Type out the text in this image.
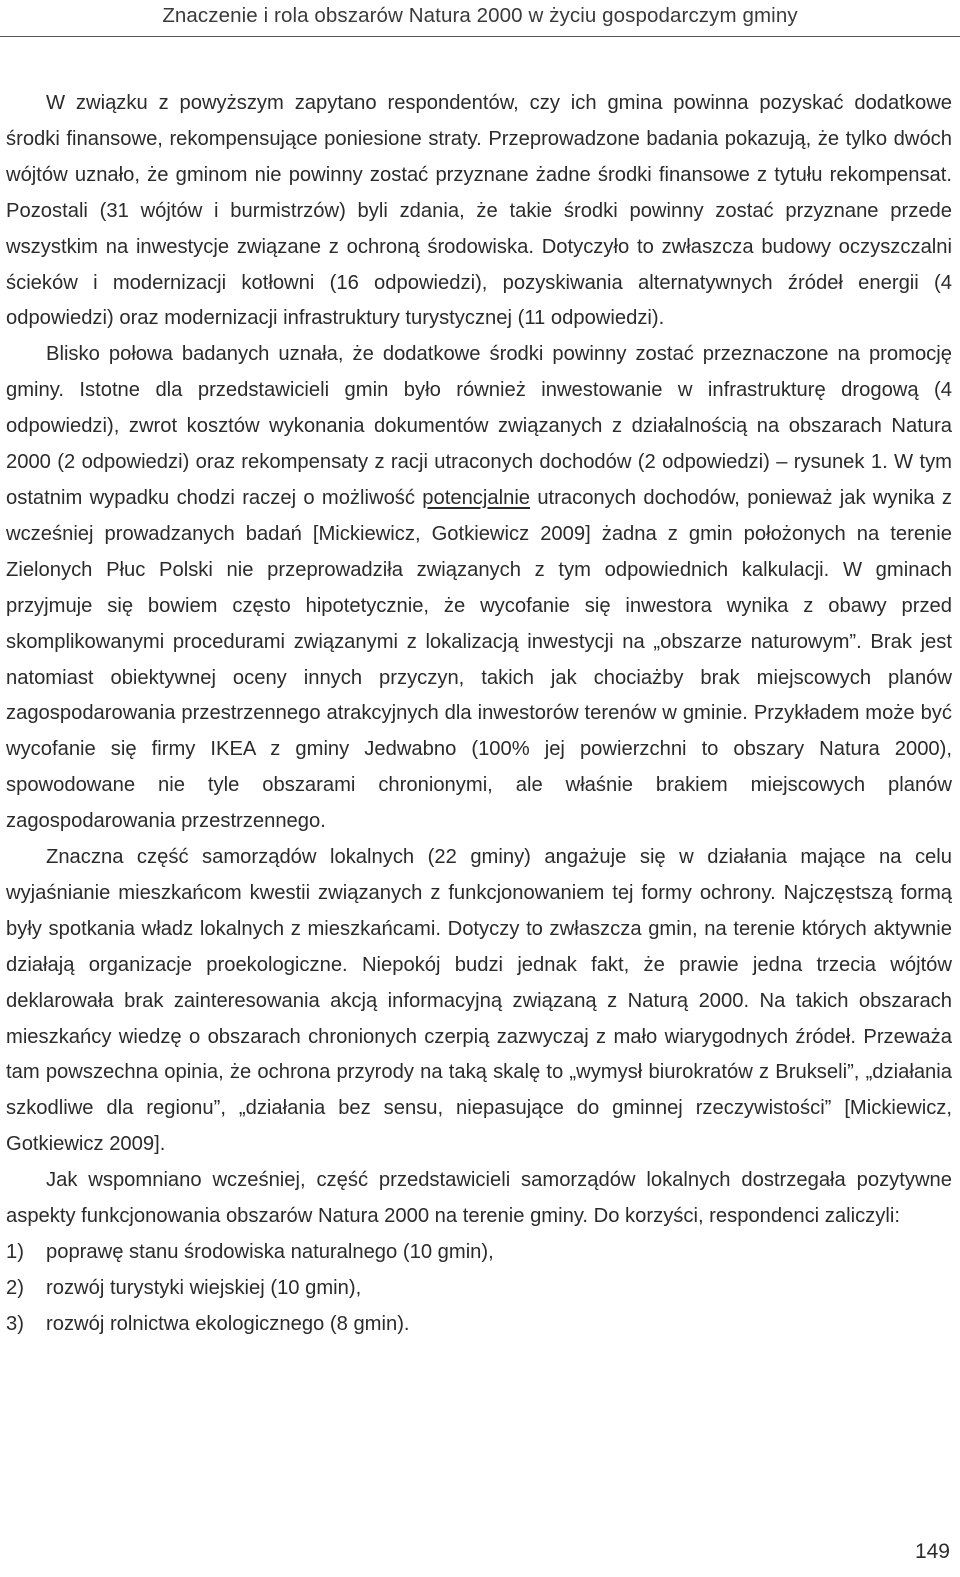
Znaczenie i rola obszarów Natura 2000 w życiu gospodarczym gminy

W związku z powyższym zapytano respondentów, czy ich gmina powinna pozyskać dodatkowe środki finansowe, rekompensujące poniesione straty. Przeprowadzone badania pokazują, że tylko dwóch wójtów uznało, że gminom nie powinny zostać przyznane żadne środki finansowe z tytułu rekompensat. Pozostali (31 wójtów i burmistrzów) byli zdania, że takie środki powinny zostać przyznane przede wszystkim na inwestycje związane z ochroną środowiska. Dotyczyło to zwłaszcza budowy oczyszczalni ścieków i modernizacji kotłowni (16 odpowiedzi), pozyskiwania alternatywnych źródeł energii (4 odpowiedzi) oraz modernizacji infrastruktury turystycznej (11 odpowiedzi).

Blisko połowa badanych uznała, że dodatkowe środki powinny zostać przeznaczone na promocję gminy. Istotne dla przedstawicieli gmin było również inwestowanie w infrastrukturę drogową (4 odpowiedzi), zwrot kosztów wykonania dokumentów związanych z działalnością na obszarach Natura 2000 (2 odpowiedzi) oraz rekompensaty z racji utraconych dochodów (2 odpowiedzi) – rysunek 1. W tym ostatnim wypadku chodzi raczej o możliwość potencjalnie utraconych dochodów, ponieważ jak wynika z wcześniej prowadzanych badań [Mickiewicz, Gotkiewicz 2009] żadna z gmin położonych na terenie Zielonych Płuc Polski nie przeprowadziła związanych z tym odpowiednich kalkulacji. W gminach przyjmuje się bowiem często hipotetycznie, że wycofanie się inwestora wynika z obawy przed skomplikowanymi procedurami związanymi z lokalizacją inwestycji na „obszarze naturowym”. Brak jest natomiast obiektywnej oceny innych przyczyn, takich jak chociażby brak miejscowych planów zagospodarowania przestrzennego atrakcyjnych dla inwestorów terenów w gminie. Przykładem może być wycofanie się firmy IKEA z gminy Jedwabno (100% jej powierzchni to obszary Natura 2000), spowodowane nie tyle obszarami chronionymi, ale właśnie brakiem miejscowych planów zagospodarowania przestrzennego.

Znaczna część samorządów lokalnych (22 gminy) angażuje się w działania mające na celu wyjaśnianie mieszkańcom kwestii związanych z funkcjonowaniem tej formy ochrony. Najczęstszą formą były spotkania władz lokalnych z mieszkańcami. Dotyczy to zwłaszcza gmin, na terenie których aktywnie działają organizacje proekologiczne. Niepokój budzi jednak fakt, że prawie jedna trzecia wójtów deklarowała brak zainteresowania akcją informacyjną związaną z Naturą 2000. Na takich obszarach mieszkańcy wiedzę o obszarach chronionych czerpią zazwyczaj z mało wiarygodnych źródeł. Przeważa tam powszechna opinia, że ochrona przyrody na taką skalę to „wymysł biurokratów z Brukseli”, „działania szkodliwe dla regionu”, „działania bez sensu, niepasujące do gminnej rzeczywistości” [Mickiewicz, Gotkiewicz 2009].

Jak wspomniano wcześniej, część przedstawicieli samorządów lokalnych dostrzegała pozytywne aspekty funkcjonowania obszarów Natura 2000 na terenie gminy. Do korzyści, respondenci zaliczyli:

1) poprawę stanu środowiska naturalnego (10 gmin),
2) rozwój turystyki wiejskiej (10 gmin),
3) rozwój rolnictwa ekologicznego (8 gmin).
149
